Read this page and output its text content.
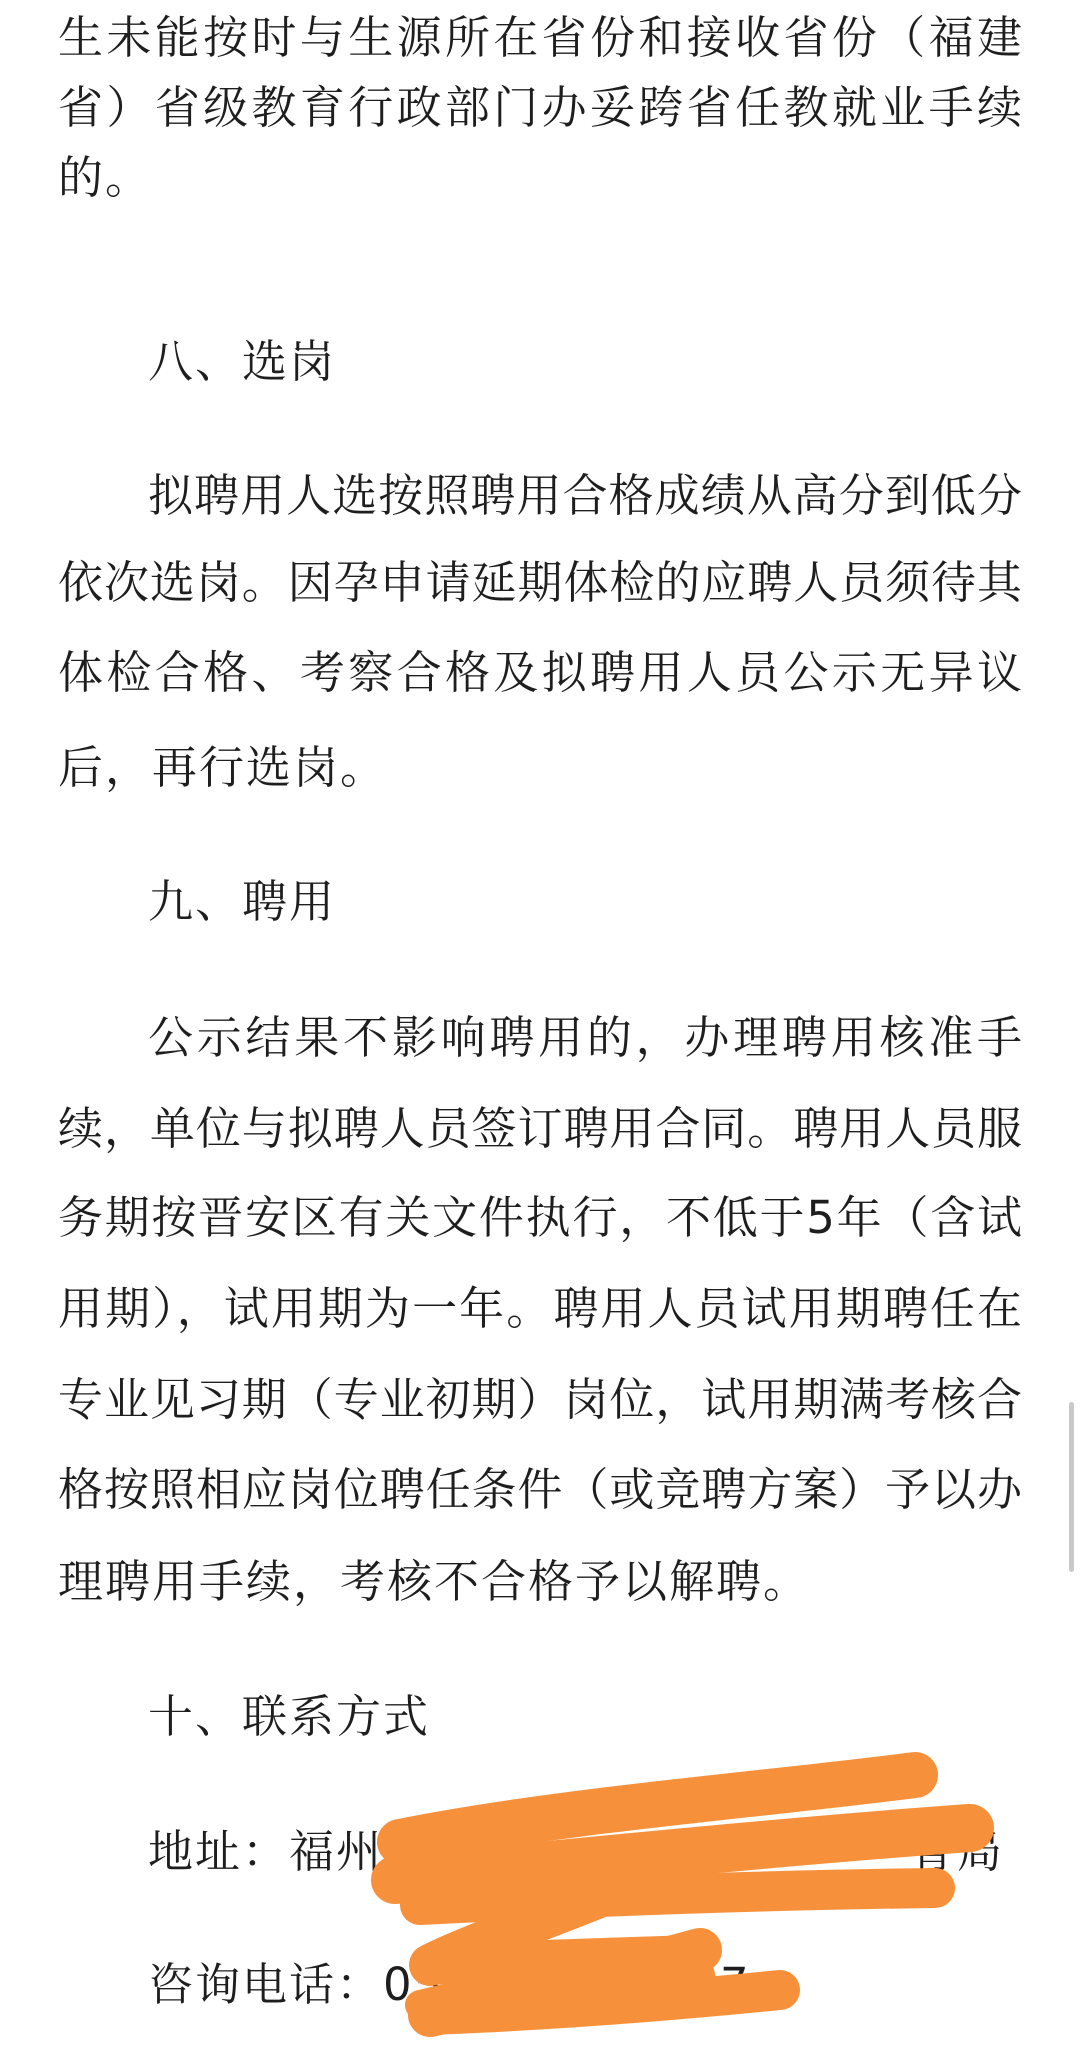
生未能按时与生源所在省份和接收省份（福建
省）省级教育行政部门办妥跨省任教就业手续
的。
八、选岗
拟聘用人选按照聘用合格成绩从高分到低分
依次选岗。因孕申请延期体检的应聘人员须待其
体检合格、考察合格及拟聘用人员公示无异议
后，再行选岗。
九、聘用
公示结果不影响聘用的，办理聘用核准手
续，单位与拟聘人员签订聘用合同。聘用人员服
务期按晋安区有关文件执行，不低于5年（含试
用期），试用期为一年。聘用人员试用期聘任在
专业见习期（专业初期）岗位，试用期满考核合
格按照相应岗位聘任条件（或竞聘方案）予以办
理聘用手续，考核不合格予以解聘。
十、联系方式
地址：福州	育局
咨询电话：05	7
